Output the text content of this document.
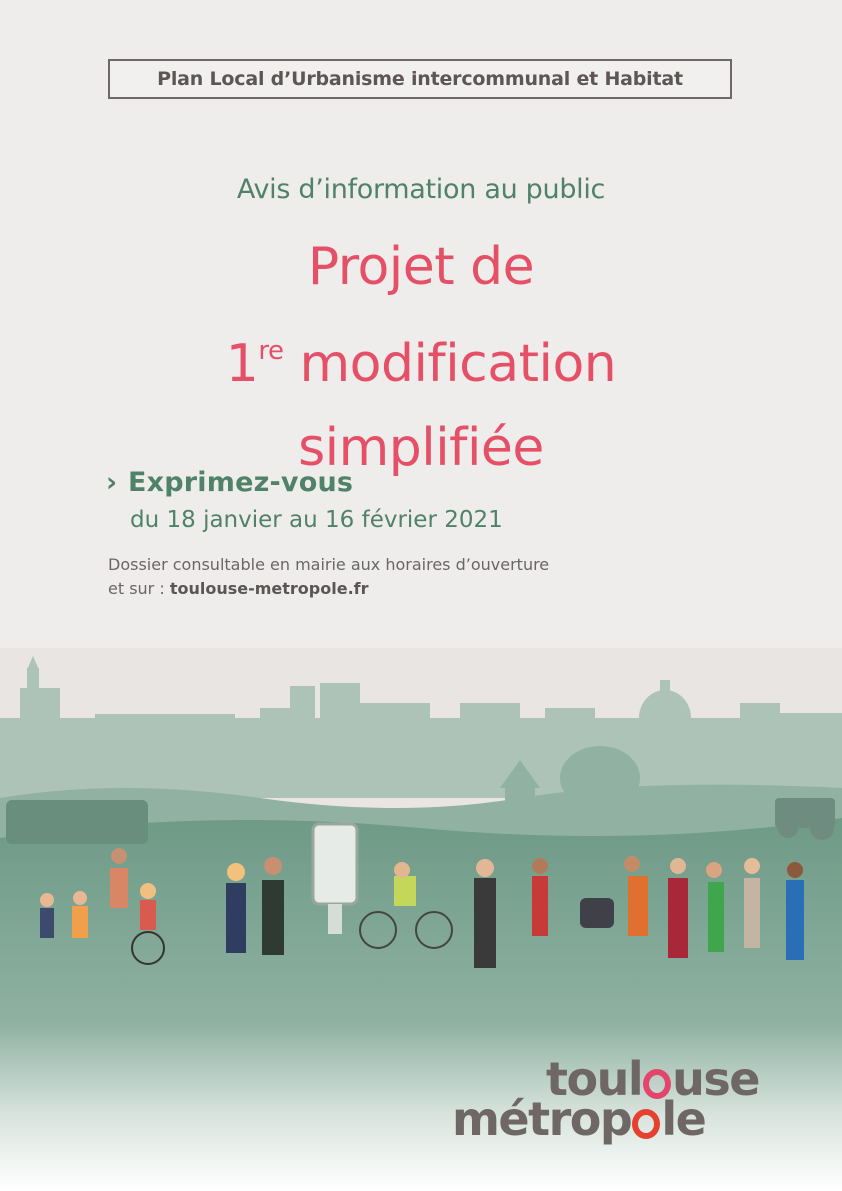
Plan Local d’Urbanisme intercommunal et Habitat
Avis d’information au public
Projet de
1re modification
simplifiée
› Exprimez-vous
du 18 janvier au 16 février 2021
Dossier consultable en mairie aux horaires d’ouverture
et sur : toulouse-metropole.fr
toul use
métrop le
